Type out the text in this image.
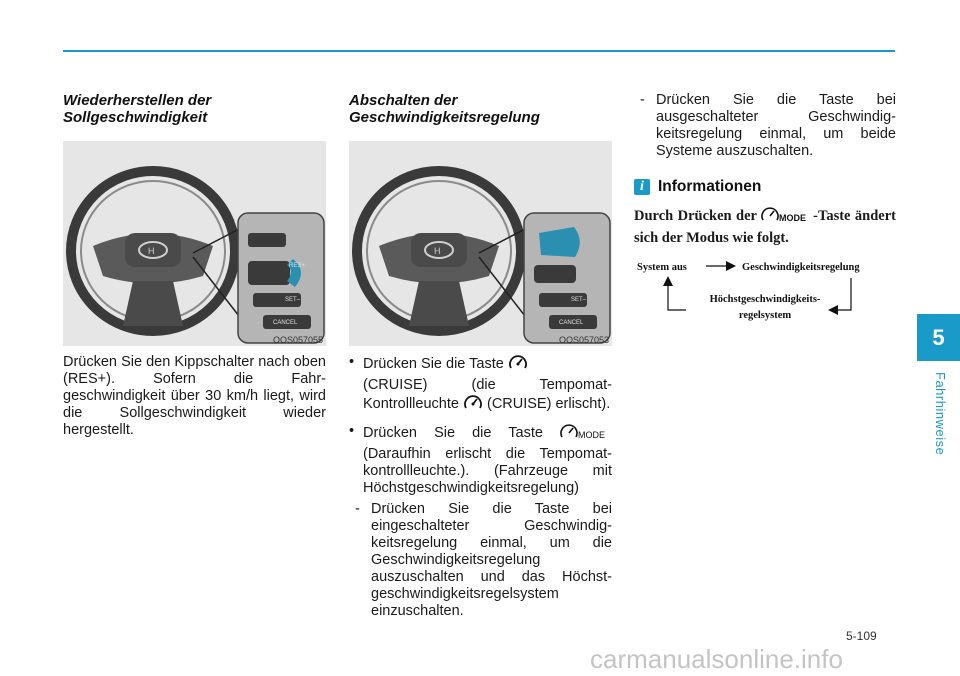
Wiederherstellen der
Sollgeschwindigkeit
H
RES+
SET–
CANCEL
OOS057055

Drücken Sie den Kippschalter nach oben (RES+). Sofern die Fahr- geschwindigkeit über 30 km/h liegt, wird die Sollgeschwindigkeit wieder hergestellt.

Abschalten der
Geschwindigkeitsregelung
H
SET–
CANCEL
OOS057053
• Drücken Sie die Taste
(CRUISE) (die Tempomat- Kontrollleuchte (CRUISE) erlischt).
• Drücken Sie die Taste	MODE
(Daraufhin erlischt die Tempomat- kontrollleuchte.). (Fahrzeuge mit Höchstgeschwindigkeitsregelung)
- Drücken Sie die Taste bei eingeschalteter Geschwindig- keitsregelung einmal, um die Geschwindigkeitsregelung auszuschalten und das Höchst- geschwindigkeitsregelsystem einzuschalten.
- Drücken Sie die Taste bei ausgeschalteter Geschwindig- keitsregelung einmal, um beide Systeme auszuschalten.
i Informationen
Durch Drücken der MODE -Taste ändert sich der Modus wie folgt.
System aus	Geschwindigkeitsregelung
Höchstgeschwindigkeits-
regelsystem
5
Fahrhinweise
5-109
carmanualsonline.info
